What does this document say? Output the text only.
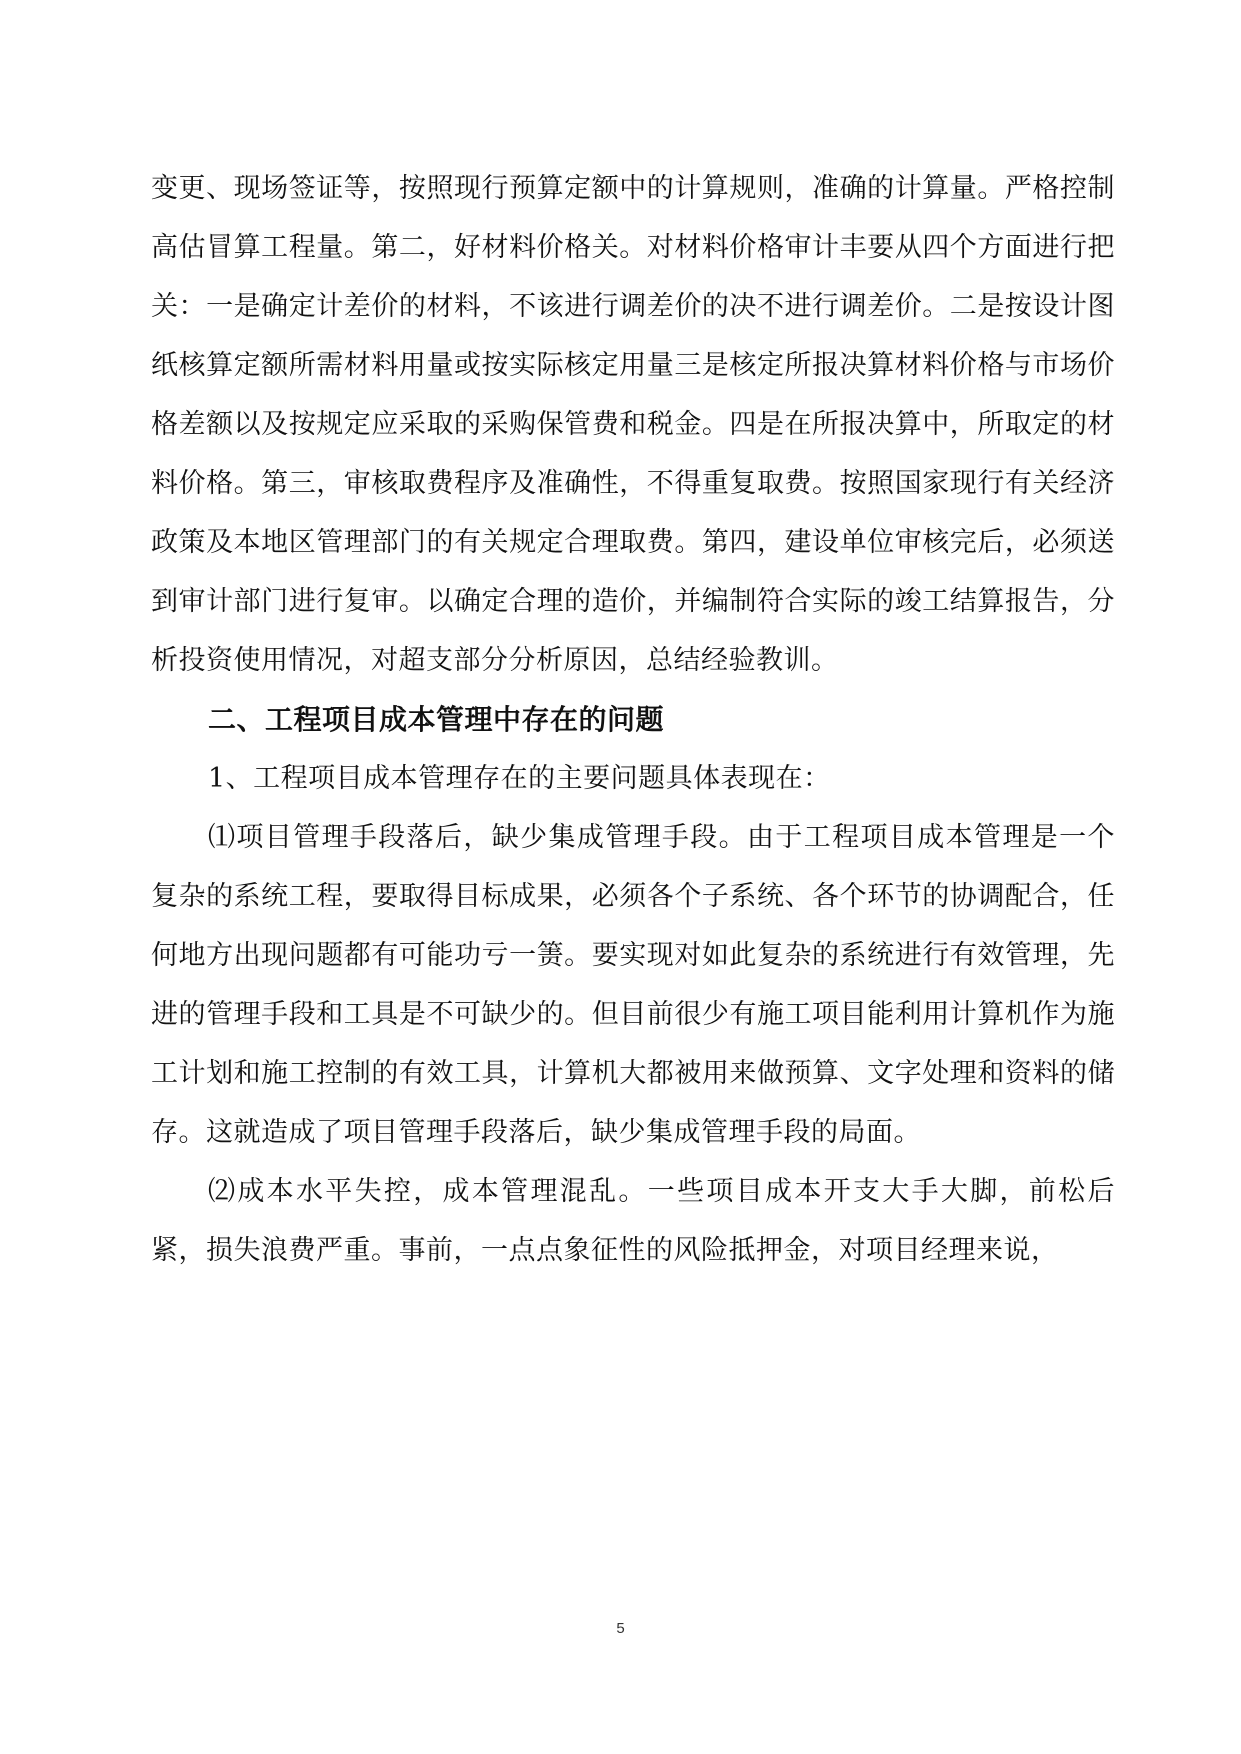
变更、现场签证等，按照现行预算定额中的计算规则，准确的计算量。严格控制高估冒算工程量。第二，好材料价格关。对材料价格审计丰要从四个方面进行把关：一是确定计差价的材料，不该进行调差价的决不进行调差价。二是按设计图纸核算定额所需材料用量或按实际核定用量三是核定所报决算材料价格与市场价格差额以及按规定应采取的采购保管费和税金。四是在所报决算中，所取定的材料价格。第三，审核取费程序及准确性，不得重复取费。按照国家现行有关经济政策及本地区管理部门的有关规定合理取费。第四，建设单位审核完后，必须送到审计部门进行复审。以确定合理的造价，并编制符合实际的竣工结算报告，分析投资使用情况，对超支部分分析原因，总结经验教训。

二、工程项目成本管理中存在的问题

1、工程项目成本管理存在的主要问题具体表现在：

⑴项目管理手段落后，缺少集成管理手段。由于工程项目成本管理是一个复杂的系统工程，要取得目标成果，必须各个子系统、各个环节的协调配合，任何地方出现问题都有可能功亏一箦。要实现对如此复杂的系统进行有效管理，先进的管理手段和工具是不可缺少的。但目前很少有施工项目能利用计算机作为施工计划和施工控制的有效工具，计算机大都被用来做预算、文字处理和资料的储存。这就造成了项目管理手段落后，缺少集成管理手段的局面。

⑵成本水平失控，成本管理混乱。一些项目成本开支大手大脚，前松后紧，损失浪费严重。事前，一点点象征性的风险抵押金，对项目经理来说，

5
